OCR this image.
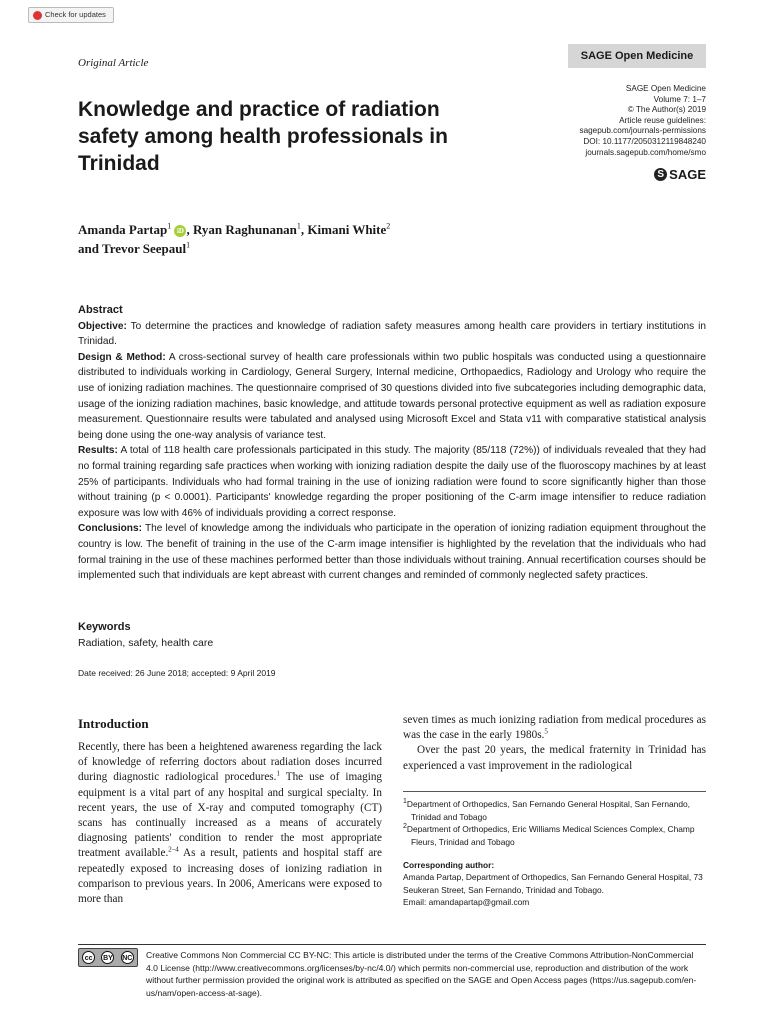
Check for updates
Original Article
SAGE Open Medicine
SAGE Open Medicine
Volume 7: 1–7
© The Author(s) 2019
Article reuse guidelines:
sagepub.com/journals-permissions
DOI: 10.1177/2050312119848240
journals.sagepub.com/home/smo
S SAGE
Knowledge and practice of radiation safety among health professionals in Trinidad
Amanda Partap$^1$ iD , Ryan Raghunanan$^1$, Kimani White$^2$
and Trevor Seepaul$^1$
Abstract
Objective: To determine the practices and knowledge of radiation safety measures among health care providers in tertiary institutions in Trinidad.
Design & Method: A cross-sectional survey of health care professionals within two public hospitals was conducted using a questionnaire distributed to individuals working in Cardiology, General Surgery, Internal medicine, Orthopaedics, Radiology and Urology who require the use of ionizing radiation machines. The questionnaire comprised of 30 questions divided into five subcategories including demographic data, usage of the ionizing radiation machines, basic knowledge, and attitude towards personal protective equipment as well as radiation exposure measurement. Questionnaire results were tabulated and analysed using Microsoft Excel and Stata v11 with comparative statistical analysis being done using the one-way analysis of variance test.
Results: A total of 118 health care professionals participated in this study. The majority (85/118 (72%)) of individuals revealed that they had no formal training regarding safe practices when working with ionizing radiation despite the daily use of the fluoroscopy machines by at least 25% of participants. Individuals who had formal training in the use of ionizing radiation were found to score significantly higher than those without training (p < 0.0001). Participants' knowledge regarding the proper positioning of the C-arm image intensifier to reduce radiation exposure was low with 46% of individuals providing a correct response.
Conclusions: The level of knowledge among the individuals who participate in the operation of ionizing radiation equipment throughout the country is low. The benefit of training in the use of the C-arm image intensifier is highlighted by the revelation that the individuals who had formal training in the use of these machines performed better than those individuals without training. Annual recertification courses should be implemented such that individuals are kept abreast with current changes and reminded of commonly neglected safety practices.
Keywords
Radiation, safety, health care
Date received: 26 June 2018; accepted: 9 April 2019
Introduction

Recently, there has been a heightened awareness regarding the lack of knowledge of referring doctors about radiation doses incurred during diagnostic radiological procedures.$^1$ The use of imaging equipment is a vital part of any hospital and surgical specialty. In recent years, the use of X-ray and computed tomography (CT) scans has continually increased as a means of accurately diagnosing patients' condition to render the most appropriate treatment available.$^{2-4}$ As a result, patients and hospital staff are repeatedly exposed to increasing doses of ionizing radiation in comparison to previous years. In 2006, Americans were exposed to more than

seven times as much ionizing radiation from medical procedures as was the case in the early 1980s.$^5$

Over the past 20 years, the medical fraternity in Trinidad has experienced a vast improvement in the radiological

$^1$Department of Orthopedics, San Fernando General Hospital, San Fernando, Trinidad and Tobago
$^2$Department of Orthopedics, Eric Williams Medical Sciences Complex, Champ Fleurs, Trinidad and Tobago
Corresponding author:
Amanda Partap, Department of Orthopedics, San Fernando General Hospital, 73 Seukeran Street, San Fernando, Trinidad and Tobago.
Email: amandapartap@gmail.com
Creative Commons Non Commercial CC BY-NC: This article is distributed under the terms of the Creative Commons Attribution-NonCommercial 4.0 License (http://www.creativecommons.org/licenses/by-nc/4.0/) which permits non-commercial use, reproduction and distribution of the work without further permission provided the original work is attributed as specified on the SAGE and Open Access pages (https://us.sagepub.com/en-us/nam/open-access-at-sage).
cc	BY NC
